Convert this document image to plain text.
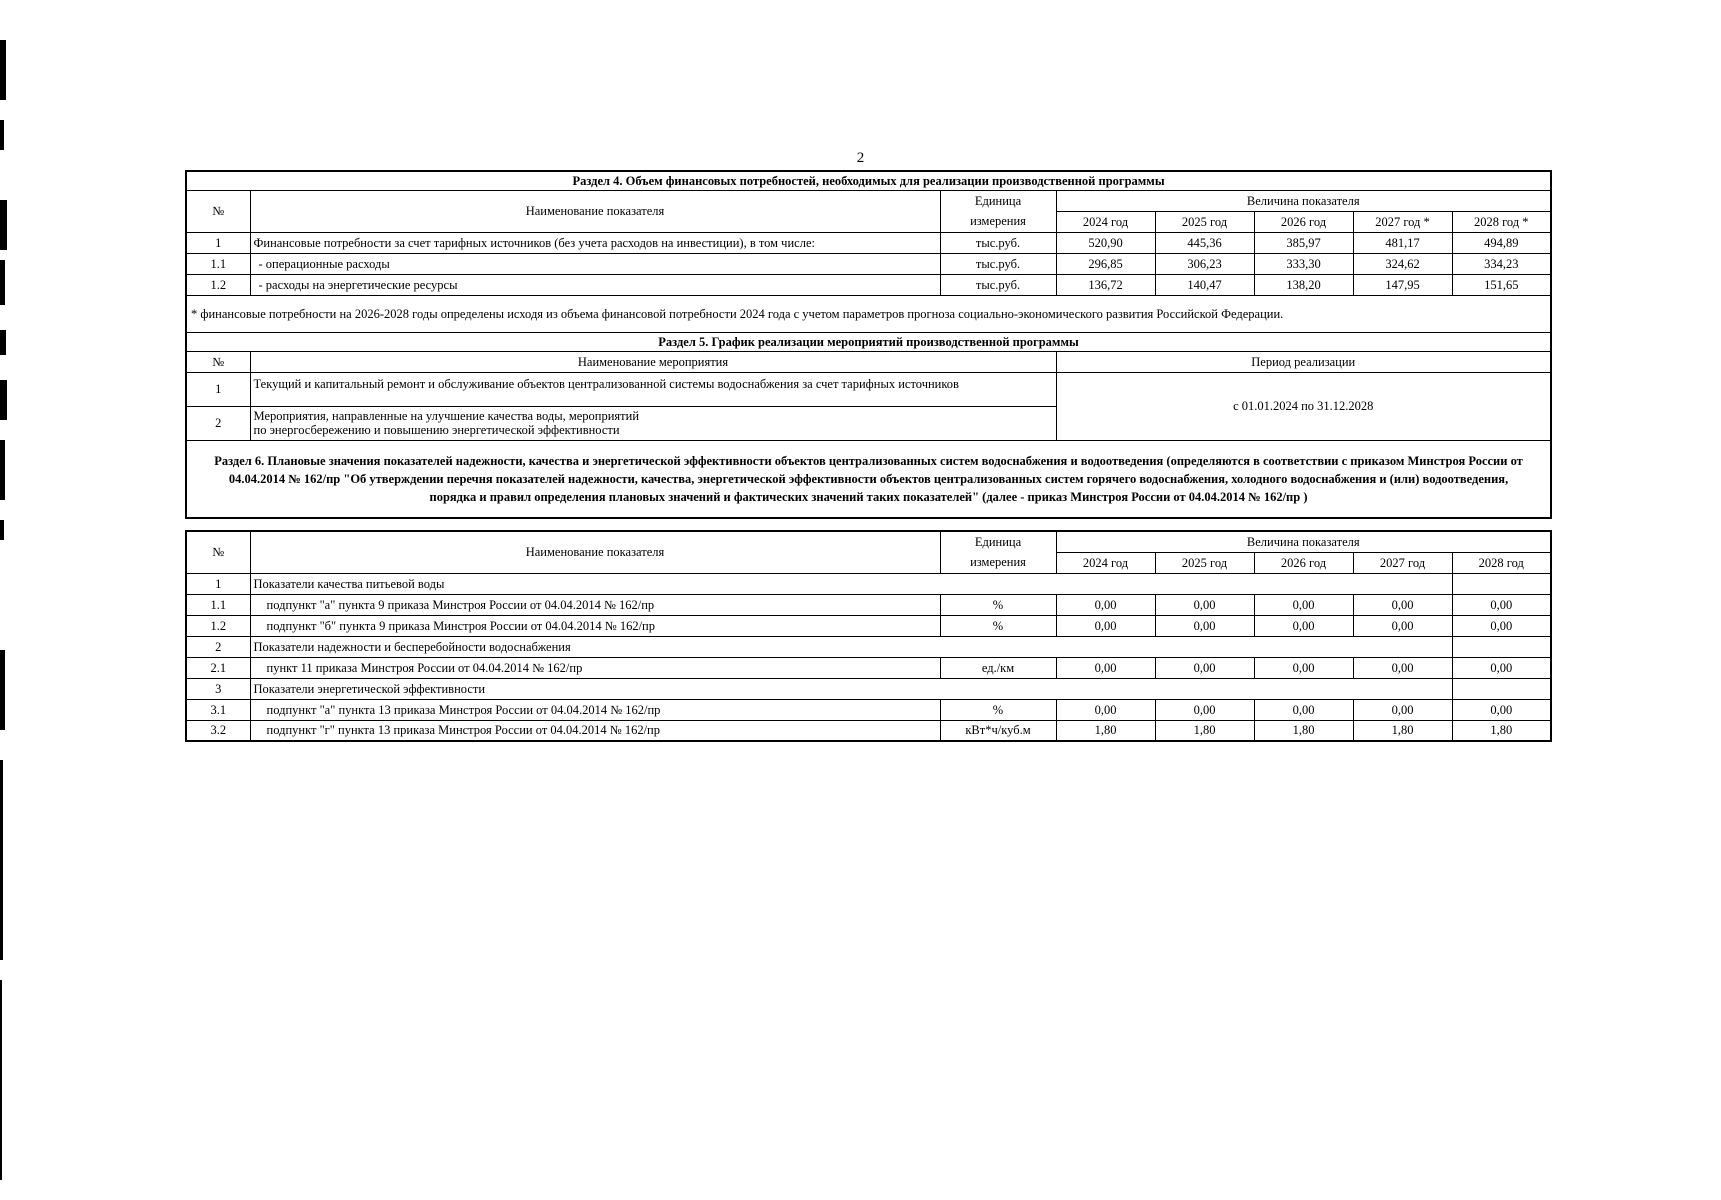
2
Раздел 4. Объем финансовых потребностей, необходимых для реализации производственной программы							
№	Наименование показателя	Единица	Величина показателя				
		измерения	2024 год	2025 год	2026 год	2027 год *	2028 год *
1	Финансовые потребности за счет тарифных источников (без учета расходов на инвестиции), в том числе:	тыс.руб.	520,90	445,36	385,97	481,17	494,89
1.1	- операционные расходы	тыс.руб.	296,85	306,23	333,30	324,62	334,23
1.2	- расходы на энергетические ресурсы	тыс.руб.	136,72	140,47	138,20	147,95	151,65
* финансовые потребности на 2026-2028 годы определены исходя из объема финансовой потребности 2024 года с учетом параметров прогноза социально-экономического развития Российской Федерации.							
Раздел 5. График реализации мероприятий производственной программы							
№	Наименование мероприятия		Период реализации				
1	Текущий и капитальный ремонт и обслуживание объектов централизованной системы водоснабжения за счет тарифных источников		с 01.01.2024 по 31.12.2028				
2	Мероприятия, направленные на улучшение качества воды, мероприятий
по энергосбережению и повышению энергетической эффективности						

Раздел 6. Плановые значения показателей надежности, качества и энергетической эффективности объектов централизованных систем водоснабжения и водоотведения (определяются в соответствии с приказом Минстроя России от 04.04.2014 № 162/пр "Об утверждении перечня показателей надежности, качества, энергетической эффективности объектов централизованных систем горячего водоснабжения, холодного водоснабжения и (или) водоотведения, порядка и правил определения плановых значений и фактических значений таких показателей" (далее - приказ Минстроя России от 04.04.2014 № 162/пр )							
№	Наименование показателя	Единица	Величина показателя				
		измерения	2024 год	2025 год	2026 год	2027 год	2028 год
1	Показатели качества питьевой воды						
1.1	подпункт "а" пункта 9 приказа Минстроя России от 04.04.2014 № 162/пр	%	0,00	0,00	0,00	0,00	0,00
1.2	подпункт "б" пункта 9 приказа Минстроя России от 04.04.2014 № 162/пр	%	0,00	0,00	0,00	0,00	0,00
2	Показатели надежности и бесперебойности водоснабжения						
2.1	пункт 11 приказа Минстроя России от 04.04.2014 № 162/пр	ед./км	0,00	0,00	0,00	0,00	0,00
3	Показатели энергетической эффективности						
3.1	подпункт "а" пункта 13 приказа Минстроя России от 04.04.2014 № 162/пр	%	0,00	0,00	0,00	0,00	0,00
3.2	подпункт "г" пункта 13 приказа Минстроя России от 04.04.2014 № 162/пр	кВт*ч/куб.м	1,80	1,80	1,80	1,80	1,80
